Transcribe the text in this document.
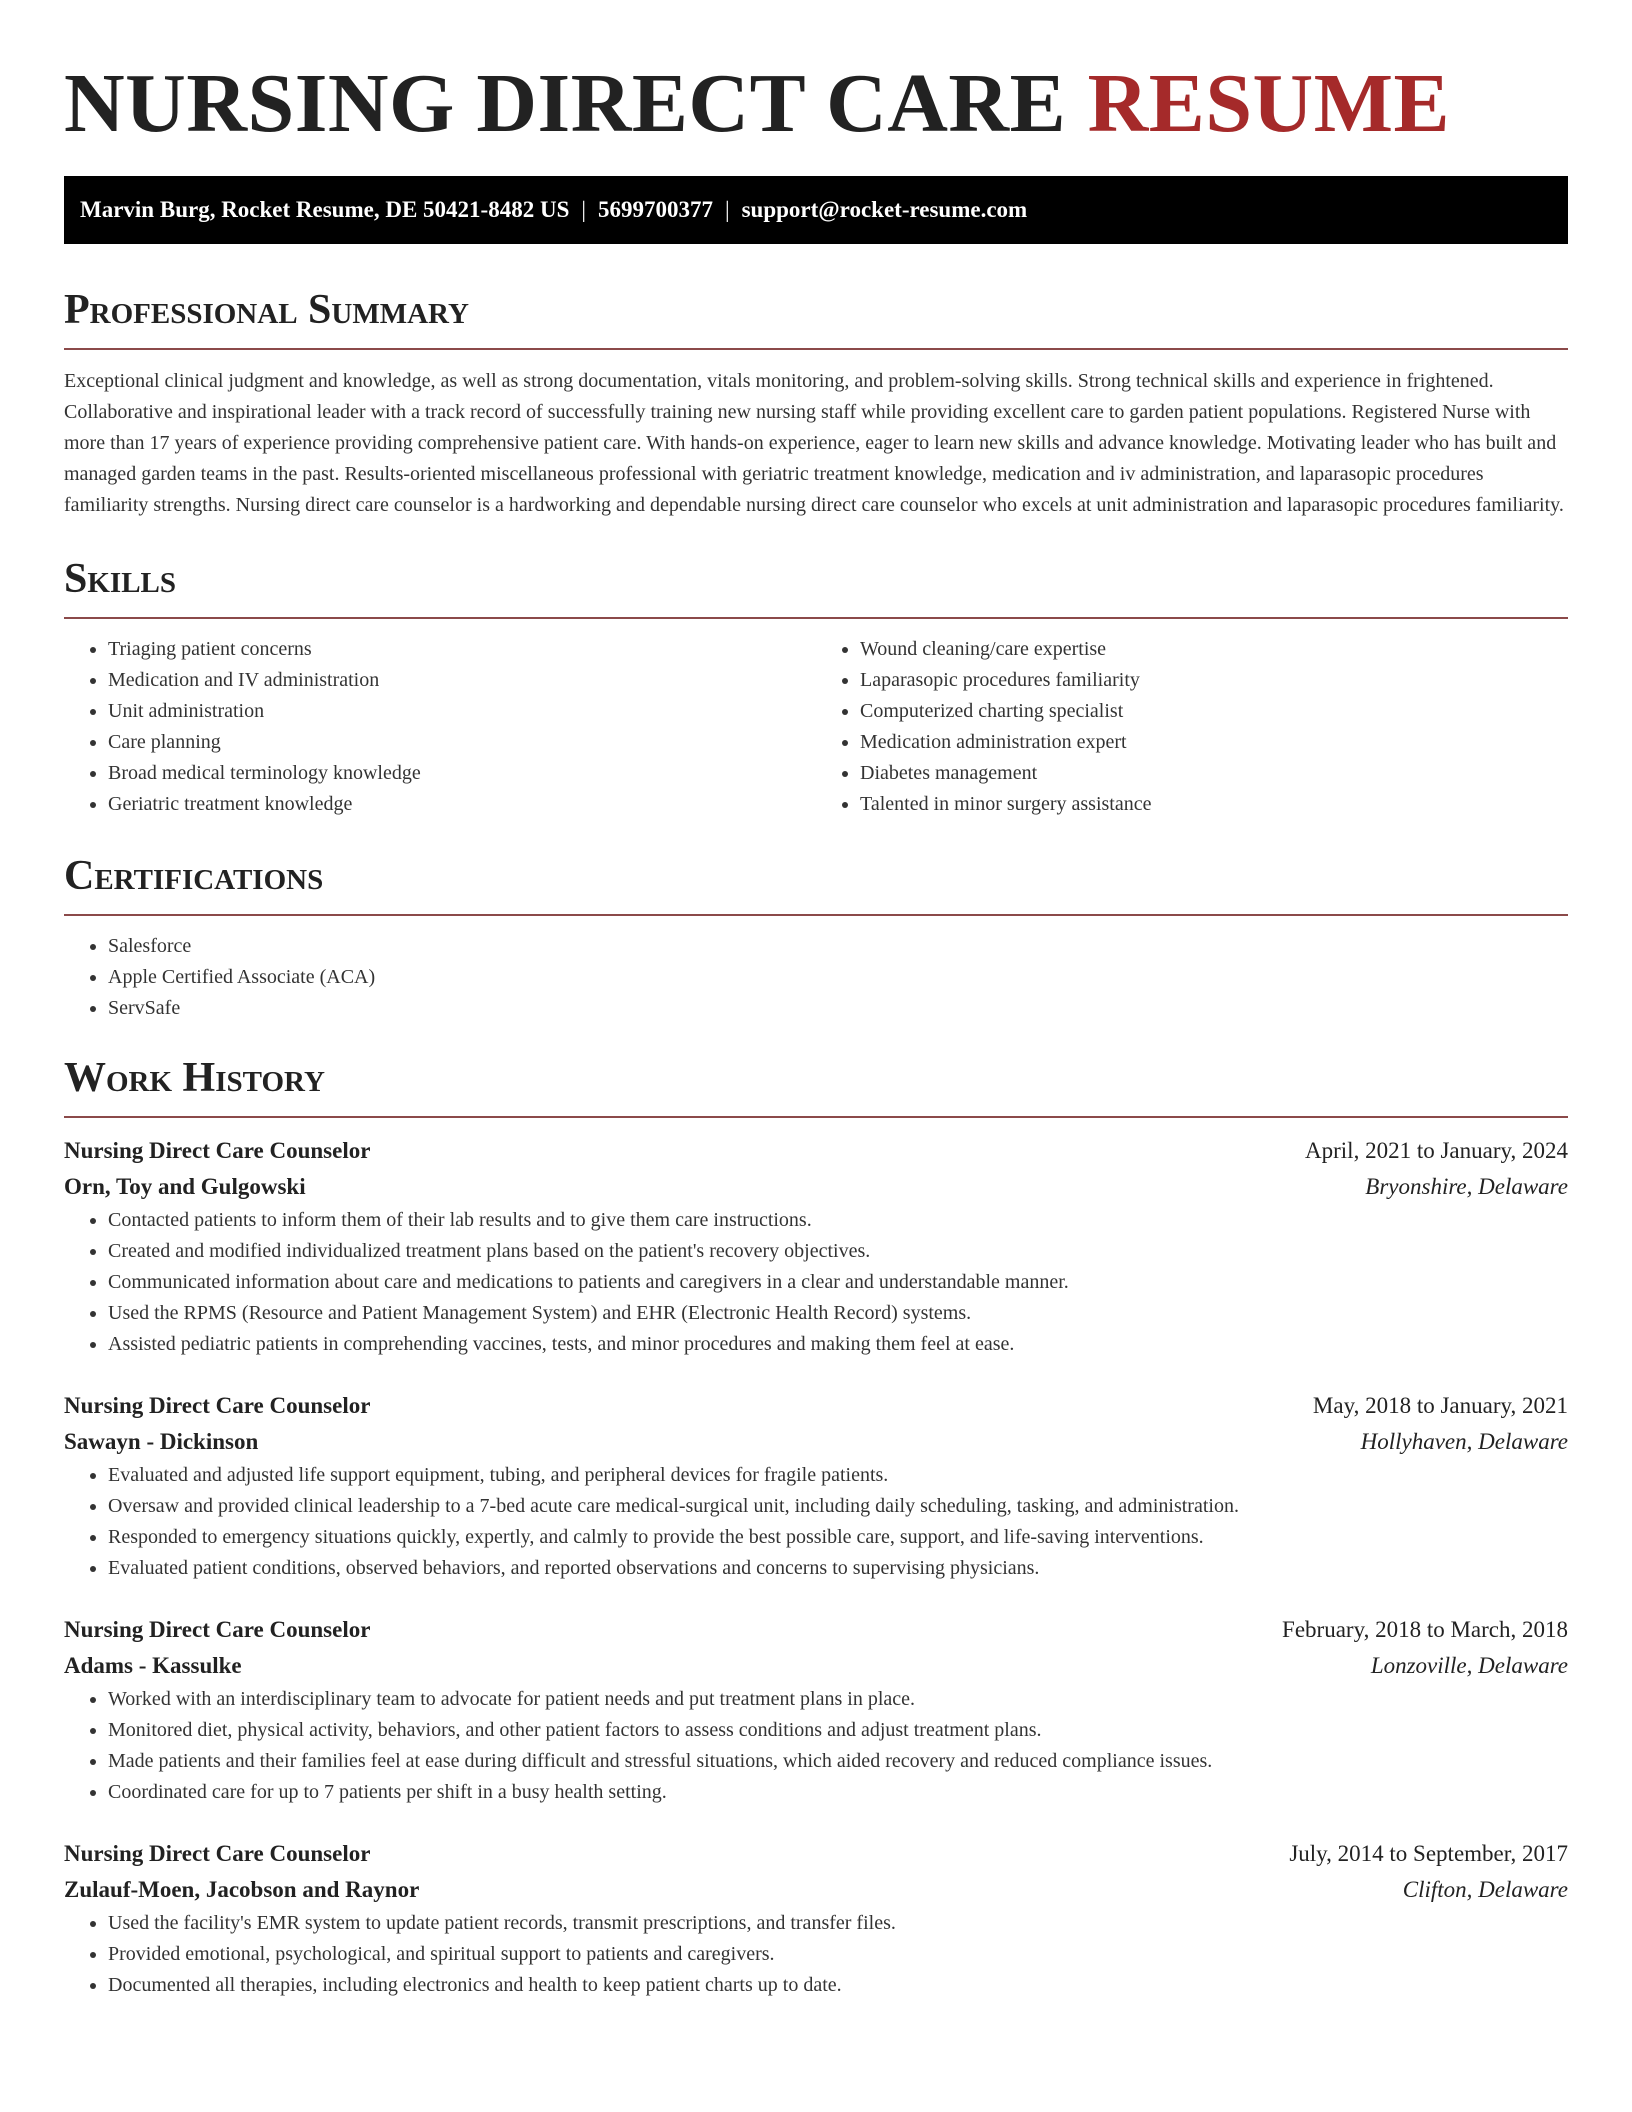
NURSING DIRECT CARE RESUME
Marvin Burg, Rocket Resume, DE 50421-8482 US | 5699700377 | support@rocket-resume.com
Professional Summary

Exceptional clinical judgment and knowledge, as well as strong documentation, vitals monitoring, and problem-solving skills. Strong technical skills and experience in frightened. Collaborative and inspirational leader with a track record of successfully training new nursing staff while providing excellent care to garden patient populations. Registered Nurse with more than 17 years of experience providing comprehensive patient care. With hands-on experience, eager to learn new skills and advance knowledge. Motivating leader who has built and managed garden teams in the past. Results-oriented miscellaneous professional with geriatric treatment knowledge, medication and iv administration, and laparasopic procedures familiarity strengths. Nursing direct care counselor is a hardworking and dependable nursing direct care counselor who excels at unit administration and laparasopic procedures familiarity.

Skills
• Triaging patient concerns
• Medication and IV administration
• Unit administration
• Care planning
• Broad medical terminology knowledge
• Geriatric treatment knowledge
• Wound cleaning/care expertise
• Laparasopic procedures familiarity
• Computerized charting specialist
• Medication administration expert
• Diabetes management
• Talented in minor surgery assistance
Certifications
• Salesforce
• Apple Certified Associate (ACA)
• ServSafe
Work History
Nursing Direct Care Counselor	April, 2021 to January, 2024
Orn, Toy and Gulgowski	Bryonshire, Delaware
• Contacted patients to inform them of their lab results and to give them care instructions.
• Created and modified individualized treatment plans based on the patient's recovery objectives.
• Communicated information about care and medications to patients and caregivers in a clear and understandable manner.
• Used the RPMS (Resource and Patient Management System) and EHR (Electronic Health Record) systems.
• Assisted pediatric patients in comprehending vaccines, tests, and minor procedures and making them feel at ease.
Nursing Direct Care Counselor	May, 2018 to January, 2021
Sawayn - Dickinson	Hollyhaven, Delaware
• Evaluated and adjusted life support equipment, tubing, and peripheral devices for fragile patients.
• Oversaw and provided clinical leadership to a 7-bed acute care medical-surgical unit, including daily scheduling, tasking, and administration.
• Responded to emergency situations quickly, expertly, and calmly to provide the best possible care, support, and life-saving interventions.
• Evaluated patient conditions, observed behaviors, and reported observations and concerns to supervising physicians.
Nursing Direct Care Counselor	February, 2018 to March, 2018
Adams - Kassulke	Lonzoville, Delaware
• Worked with an interdisciplinary team to advocate for patient needs and put treatment plans in place.
• Monitored diet, physical activity, behaviors, and other patient factors to assess conditions and adjust treatment plans.
• Made patients and their families feel at ease during difficult and stressful situations, which aided recovery and reduced compliance issues.
• Coordinated care for up to 7 patients per shift in a busy health setting.
Nursing Direct Care Counselor	July, 2014 to September, 2017
Zulauf-Moen, Jacobson and Raynor	Clifton, Delaware
• Used the facility's EMR system to update patient records, transmit prescriptions, and transfer files.
• Provided emotional, psychological, and spiritual support to patients and caregivers.
• Documented all therapies, including electronics and health to keep patient charts up to date.
